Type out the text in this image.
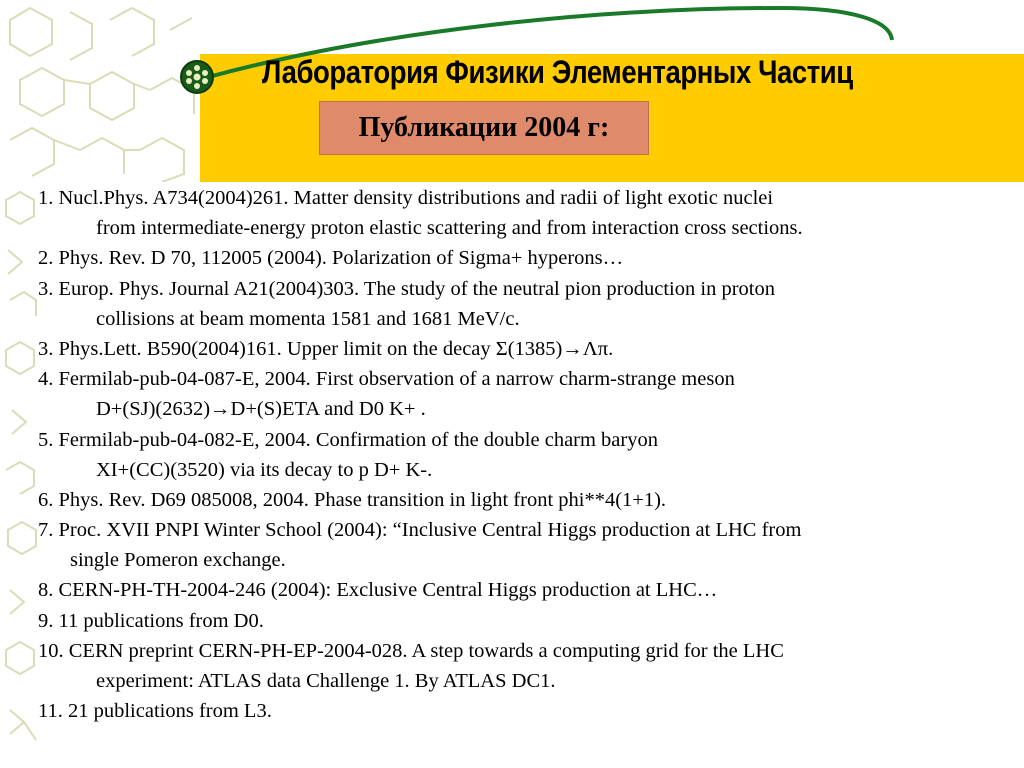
Лаборатория Физики Элементарных Частиц
Публикации 2004 г:
1. Nucl.Phys. A734(2004)261. Matter density distributions and radii of light exotic nuclei
from intermediate-energy proton elastic scattering and from interaction cross sections.
2. Phys. Rev. D 70, 112005 (2004). Polarization of Sigma+ hyperons…
3. Europ. Phys. Journal A21(2004)303. The study of the neutral pion production in proton
collisions at beam momenta 1581 and 1681 MeV/c.
3. Phys.Lett. B590(2004)161. Upper limit on the decay Σ(1385)→Λπ.
4. Fermilab-pub-04-087-E, 2004. First observation of a narrow charm-strange meson
D+(SJ)(2632)→D+(S)ETA and D0 K+ .
5. Fermilab-pub-04-082-E, 2004. Confirmation of the double charm baryon
XI+(CC)(3520) via its decay to p D+ K-.
6. Phys. Rev. D69 085008, 2004. Phase transition in light front phi**4(1+1).
7. Proc. XVII PNPI Winter School (2004): “Inclusive Central Higgs production at LHC from
single Pomeron exchange.
8. CERN-PH-TH-2004-246 (2004): Exclusive Central Higgs production at LHC…
9. 11 publications from D0.
10. CERN preprint CERN-PH-EP-2004-028. A step towards a computing grid for the LHC
experiment: ATLAS data Challenge 1. By ATLAS DC1.
11. 21 publications from L3.
